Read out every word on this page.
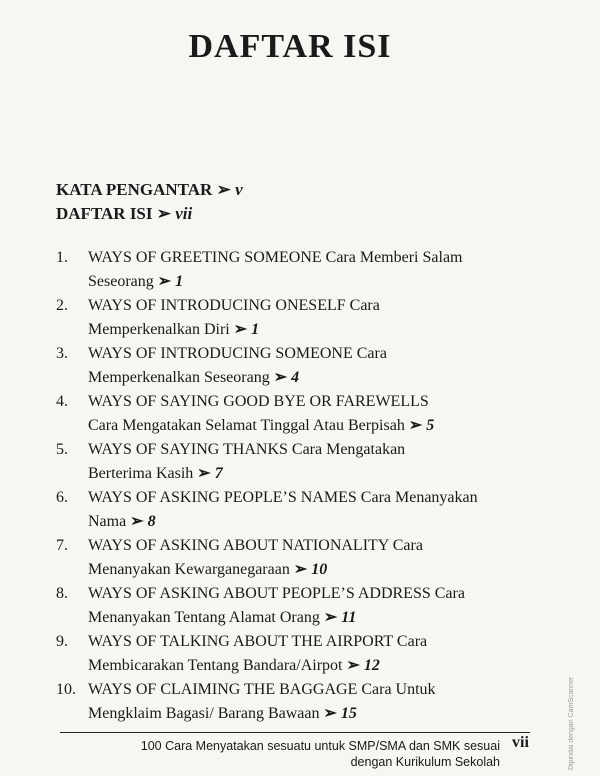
DAFTAR ISI
KATA PENGANTAR ➢ v
DAFTAR ISI ➢ vii
1. WAYS OF GREETING SOMEONE Cara Memberi Salam
Seseorang ➢ 1
2. WAYS OF INTRODUCING ONESELF Cara
Memperkenalkan Diri ➢ 1
3. WAYS OF INTRODUCING SOMEONE Cara
Memperkenalkan Seseorang ➢ 4
4. WAYS OF SAYING GOOD BYE OR FAREWELLS
Cara Mengatakan Selamat Tinggal Atau Berpisah ➢ 5
5. WAYS OF SAYING THANKS Cara Mengatakan
Berterima Kasih ➢ 7
6. WAYS OF ASKING PEOPLE’S NAMES Cara Menanyakan
Nama ➢ 8
7. WAYS OF ASKING ABOUT NATIONALITY Cara
Menanyakan Kewarganegaraan ➢ 10
8. WAYS OF ASKING ABOUT PEOPLE’S ADDRESS Cara
Menanyakan Tentang Alamat Orang ➢ 11
9. WAYS OF TALKING ABOUT THE AIRPORT Cara
Membicarakan Tentang Bandara/Airpot ➢ 12
10. WAYS OF CLAIMING THE BAGGAGE Cara Untuk
Mengklaim Bagasi/ Barang Bawaan ➢ 15
100 Cara Menyatakan sesuatu untuk SMP/SMA dan SMK sesuai
dengan Kurikulum Sekolah
vii	Dipindai dengan CamScanner
